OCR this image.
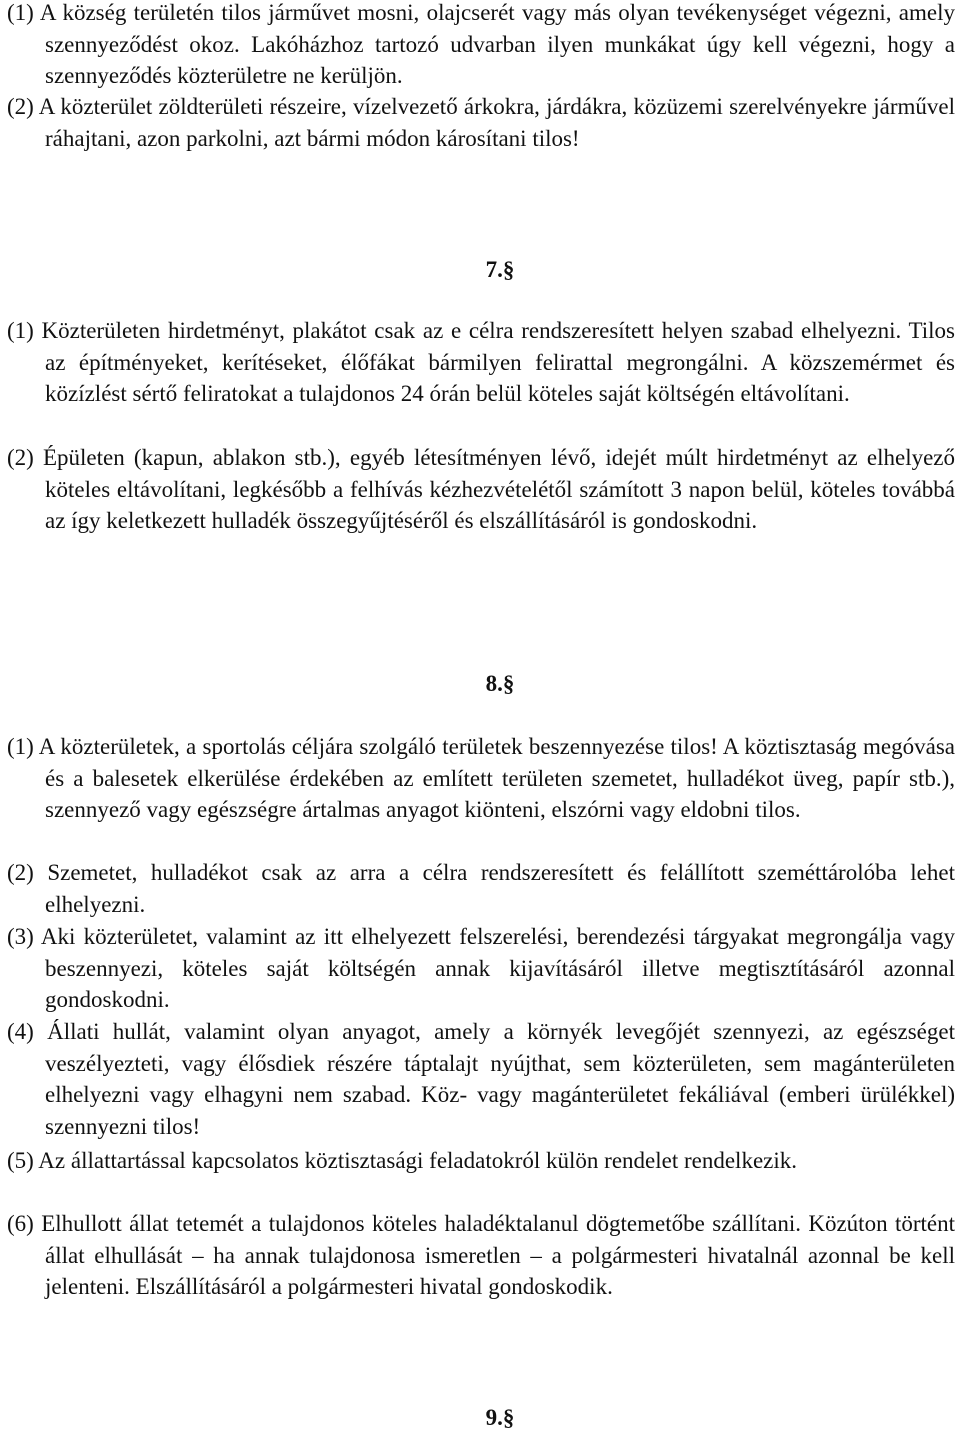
(1) A község területén tilos járművet mosni, olajcserét vagy más olyan tevékenységet végezni, amely szennyeződést okoz. Lakóházhoz tartozó udvarban ilyen munkákat úgy kell végezni, hogy a szennyeződés közterületre ne kerüljön.

(2) A közterület zöldterületi részeire, vízelvezető árkokra, járdákra, közüzemi szerelvényekre járművel ráhajtani, azon parkolni, azt bármi módon károsítani tilos!

7.§

(1) Közterületen hirdetményt, plakátot csak az e célra rendszeresített helyen szabad elhelyezni. Tilos az építményeket, kerítéseket, élőfákat bármilyen felirattal megrongálni. A közszemérmet és közízlést sértő feliratokat a tulajdonos 24 órán belül köteles saját költségén eltávolítani.

(2) Épületen (kapun, ablakon stb.), egyéb létesítményen lévő, idejét múlt hirdetményt az elhelyező köteles eltávolítani, legkésőbb a felhívás kézhezvételétől számított 3 napon belül, köteles továbbá az így keletkezett hulladék összegyűjtéséről és elszállításáról is gondoskodni.

8.§

(1) A közterületek, a sportolás céljára szolgáló területek beszennyezése tilos! A köztisztaság megóvása és a balesetek elkerülése érdekében az említett területen szemetet, hulladékot üveg, papír stb.), szennyező vagy egészségre ártalmas anyagot kiönteni, elszórni vagy eldobni tilos.

(2) Szemetet, hulladékot csak az arra a célra rendszeresített és felállított szeméttárolóba lehet elhelyezni.

(3) Aki közterületet, valamint az itt elhelyezett felszerelési, berendezési tárgyakat megrongálja vagy beszennyezi, köteles saját költségén annak kijavításáról illetve megtisztításáról azonnal gondoskodni.

(4) Állati hullát, valamint olyan anyagot, amely a környék levegőjét szennyezi, az egészséget veszélyezteti, vagy élősdiek részére táptalajt nyújthat, sem közterületen, sem magánterületen elhelyezni vagy elhagyni nem szabad. Köz- vagy magánterületet fekáliával (emberi ürülékkel) szennyezni tilos!

(5) Az állattartással kapcsolatos köztisztasági feladatokról külön rendelet rendelkezik.

(6) Elhullott állat tetemét a tulajdonos köteles haladéktalanul dögtemetőbe szállítani. Közúton történt állat elhullását – ha annak tulajdonosa ismeretlen – a polgármesteri hivatalnál azonnal be kell jelenteni. Elszállításáról a polgármesteri hivatal gondoskodik.

9.§
